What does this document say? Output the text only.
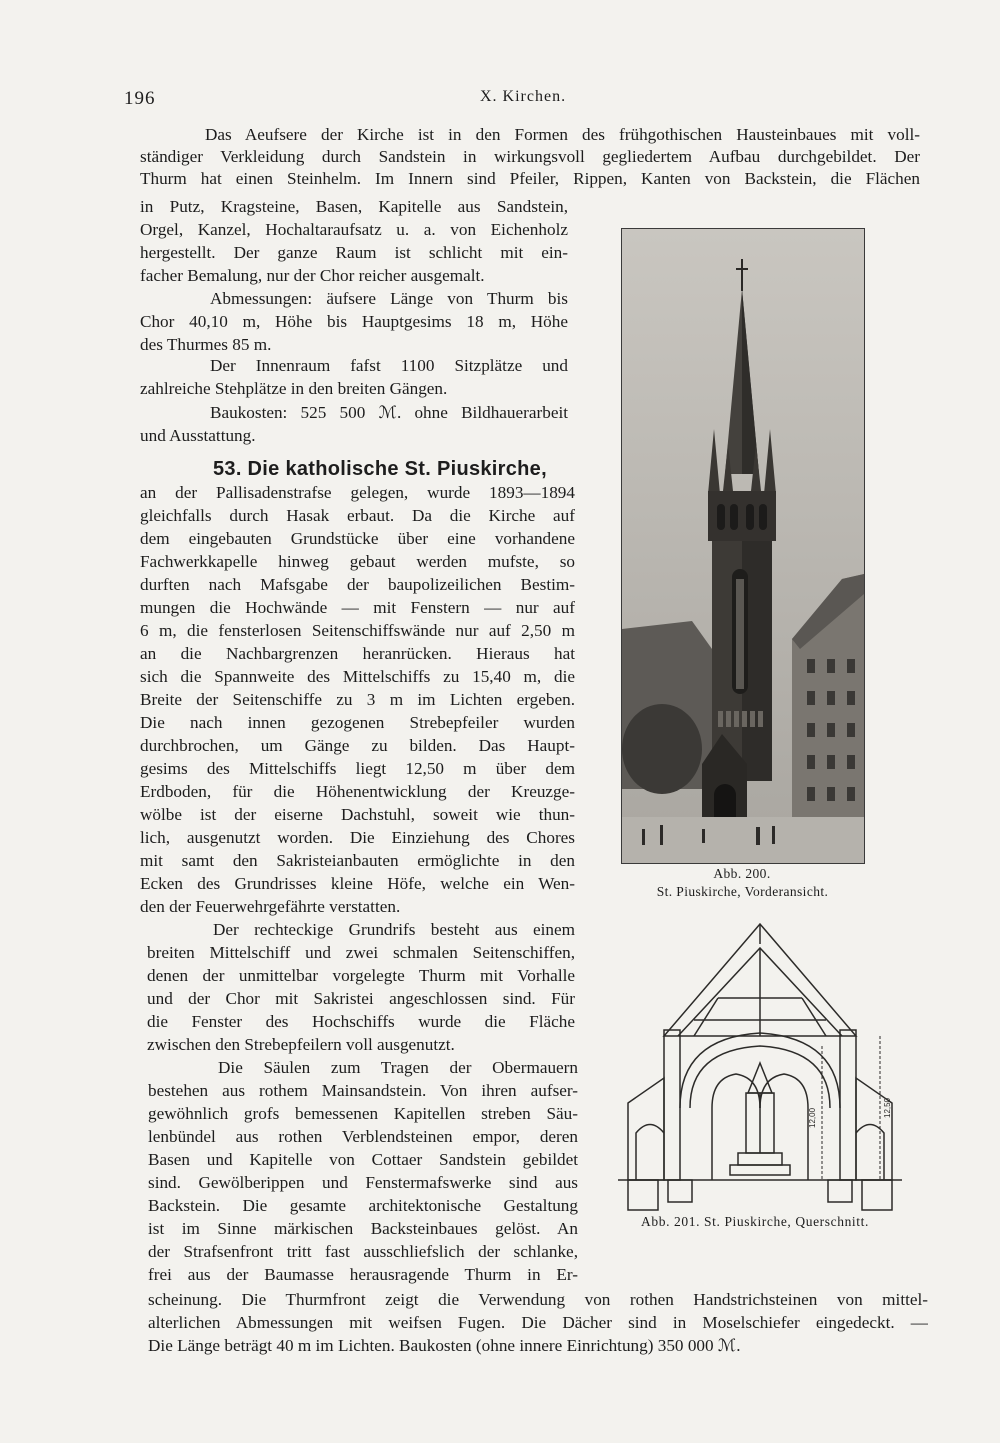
196	X. Kirchen.
Das Aeufsere der Kirche ist in den Formen des frühgothischen Hausteinbaues mit voll-
ständiger Verkleidung durch Sandstein in wirkungsvoll gegliedertem Aufbau durchgebildet. Der
Thurm hat einen Steinhelm. Im Innern sind Pfeiler, Rippen, Kanten von Backstein, die Flächen
in Putz, Kragsteine, Basen, Kapitelle aus Sandstein,
Orgel, Kanzel, Hochaltaraufsatz u. a. von Eichenholz
hergestellt. Der ganze Raum ist schlicht mit ein-
facher Bemalung, nur der Chor reicher ausgemalt.
Abmessungen: äufsere Länge von Thurm bis
Chor 40,10 m, Höhe bis Hauptgesims 18 m, Höhe
des Thurmes 85 m.
Der Innenraum fafst 1100 Sitzplätze und
zahlreiche Stehplätze in den breiten Gängen.
Baukosten: 525 500 ℳ. ohne Bildhauerarbeit
und Ausstattung.
53. Die katholische St. Piuskirche,
an der Pallisadenstrafse gelegen, wurde 1893—1894
gleichfalls durch Hasak erbaut. Da die Kirche auf
dem eingebauten Grundstücke über eine vorhandene
Fachwerkkapelle hinweg gebaut werden mufste, so
durften nach Mafsgabe der baupolizeilichen Bestim-
mungen die Hochwände — mit Fenstern — nur auf
6 m, die fensterlosen Seitenschiffswände nur auf 2,50 m
an die Nachbargrenzen heranrücken. Hieraus hat
sich die Spannweite des Mittelschiffs zu 15,40 m, die
Breite der Seitenschiffe zu 3 m im Lichten ergeben.
Die nach innen gezogenen Strebepfeiler wurden
durchbrochen, um Gänge zu bilden. Das Haupt-
gesims des Mittelschiffs liegt 12,50 m über dem
Erdboden, für die Höhenentwicklung der Kreuzge-
wölbe ist der eiserne Dachstuhl, soweit wie thun-
lich, ausgenutzt worden. Die Einziehung des Chores
mit samt den Sakristeianbauten ermöglichte in den
Ecken des Grundrisses kleine Höfe, welche ein Wen-
den der Feuerwehrgefährte verstatten.
Der rechteckige Grundrifs besteht aus einem
breiten Mittelschiff und zwei schmalen Seitenschiffen,
denen der unmittelbar vorgelegte Thurm mit Vorhalle
und der Chor mit Sakristei angeschlossen sind. Für
die Fenster des Hochschiffs wurde die Fläche
zwischen den Strebepfeilern voll ausgenutzt.
Die Säulen zum Tragen der Obermauern
bestehen aus rothem Mainsandstein. Von ihren aufser-
gewöhnlich grofs bemessenen Kapitellen streben Säu-
lenbündel aus rothen Verblendsteinen empor, deren
Basen und Kapitelle von Cottaer Sandstein gebildet
sind. Gewölberippen und Fenstermafswerke sind aus
Backstein. Die gesamte architektonische Gestaltung
ist im Sinne märkischen Backsteinbaues gelöst. An
der Strafsenfront tritt fast ausschliefslich der schlanke,
frei aus der Baumasse herausragende Thurm in Er-
scheinung. Die Thurmfront zeigt die Verwendung von rothen Handstrichsteinen von mittel-
alterlichen Abmessungen mit weifsen Fugen. Die Dächer sind in Moselschiefer eingedeckt. —
Die Länge beträgt 40 m im Lichten. Baukosten (ohne innere Einrichtung) 350 000 ℳ.
Abb. 200.
St. Piuskirche, Vorderansicht.
12,00	12,50
Abb. 201. St. Piuskirche, Querschnitt.
